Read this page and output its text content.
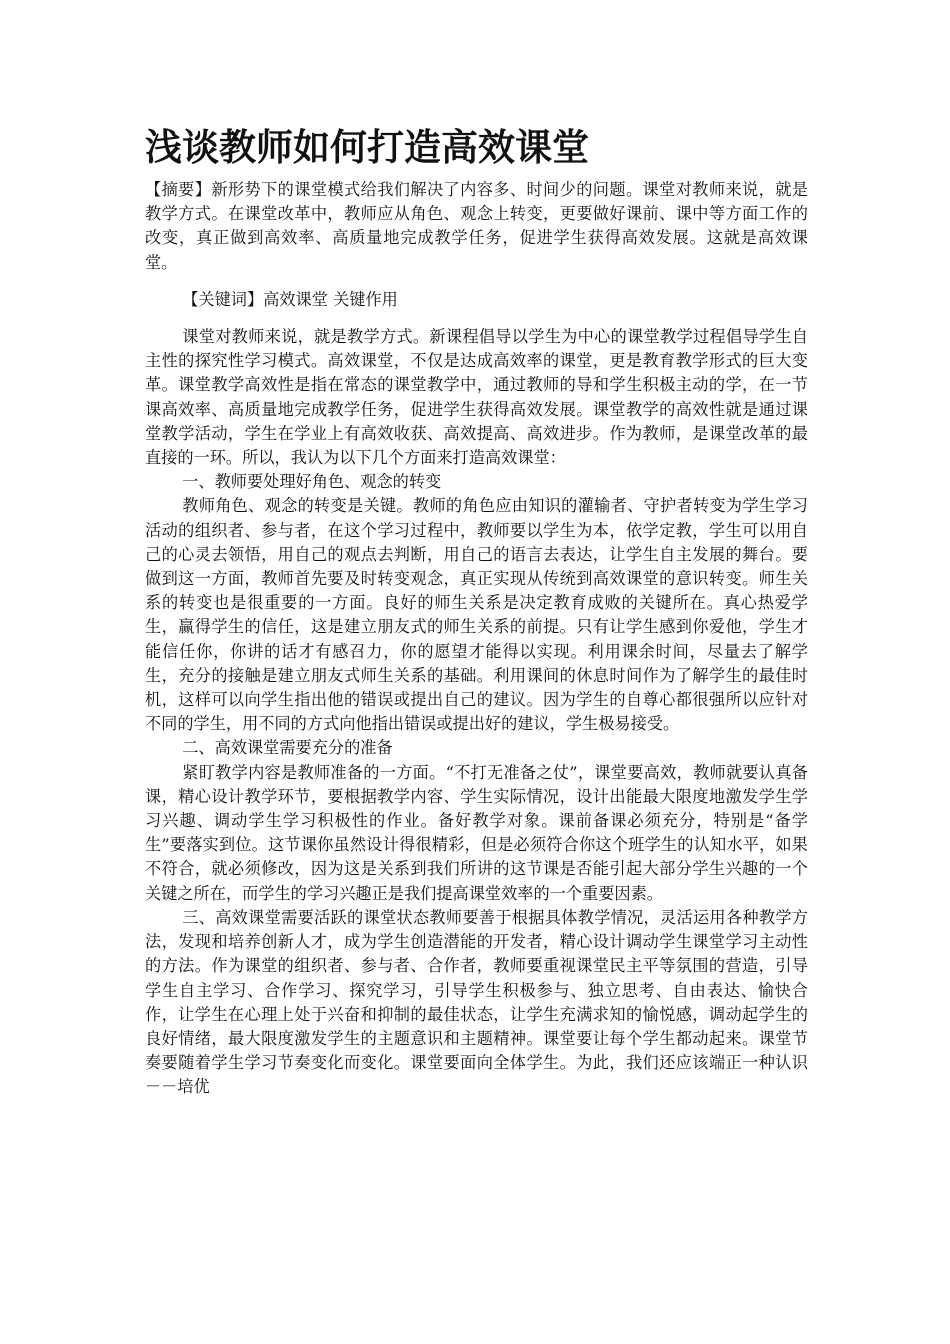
浅谈教师如何打造高效课堂

【摘要】新形势下的课堂模式给我们解决了内容多、时间少的问题。课堂对教师来说，就是教学方式。在课堂改革中，教师应从角色、观念上转变，更要做好课前、课中等方面工作的改变，真正做到高效率、高质量地完成教学任务，促进学生获得高效发展。这就是高效课堂。

【关键词】高效课堂 关键作用

课堂对教师来说，就是教学方式。新课程倡导以学生为中心的课堂教学过程倡导学生自主性的探究性学习模式。高效课堂，不仅是达成高效率的课堂，更是教育教学形式的巨大变革。课堂教学高效性是指在常态的课堂教学中，通过教师的导和学生积极主动的学，在一节课高效率、高质量地完成教学任务，促进学生获得高效发展。课堂教学的高效性就是通过课堂教学活动，学生在学业上有高效收获、高效提高、高效进步。作为教师，是课堂改革的最直接的一环。所以，我认为以下几个方面来打造高效课堂：

一、教师要处理好角色、观念的转变

教师角色、观念的转变是关键。教师的角色应由知识的灌输者、守护者转变为学生学习活动的组织者、参与者，在这个学习过程中，教师要以学生为本，依学定教，学生可以用自己的心灵去领悟，用自己的观点去判断，用自己的语言去表达，让学生自主发展的舞台。要做到这一方面，教师首先要及时转变观念，真正实现从传统到高效课堂的意识转变。师生关系的转变也是很重要的一方面。良好的师生关系是决定教育成败的关键所在。真心热爱学生，赢得学生的信任，这是建立朋友式的师生关系的前提。只有让学生感到你爱他，学生才能信任你，你讲的话才有感召力，你的愿望才能得以实现。利用课余时间，尽量去了解学生，充分的接触是建立朋友式师生关系的基础。利用课间的休息时间作为了解学生的最佳时机，这样可以向学生指出他的错误或提出自己的建议。因为学生的自尊心都很强所以应针对不同的学生，用不同的方式向他指出错误或提出好的建议，学生极易接受。

二、高效课堂需要充分的准备

紧盯教学内容是教师准备的一方面。“不打无准备之仗”，课堂要高效，教师就要认真备课，精心设计教学环节，要根据教学内容、学生实际情况，设计出能最大限度地激发学生学习兴趣、调动学生学习积极性的作业。备好教学对象。课前备课必须充分，特别是“备学生”要落实到位。这节课你虽然设计得很精彩，但是必须符合你这个班学生的认知水平，如果不符合，就必须修改，因为这是关系到我们所讲的这节课是否能引起大部分学生兴趣的一个关键之所在，而学生的学习兴趣正是我们提高课堂效率的一个重要因素。

三、高效课堂需要活跃的课堂状态教师要善于根据具体教学情况，灵活运用各种教学方法，发现和培养创新人才，成为学生创造潜能的开发者，精心设计调动学生课堂学习主动性的方法。作为课堂的组织者、参与者、合作者，教师要重视课堂民主平等氛围的营造，引导学生自主学习、合作学习、探究学习，引导学生积极参与、独立思考、自由表达、愉快合作，让学生在心理上处于兴奋和抑制的最佳状态，让学生充满求知的愉悦感，调动起学生的良好情绪，最大限度激发学生的主题意识和主题精神。课堂要让每个学生都动起来。课堂节奏要随着学生学习节奏变化而变化。课堂要面向全体学生。为此，我们还应该端正一种认识－－培优
